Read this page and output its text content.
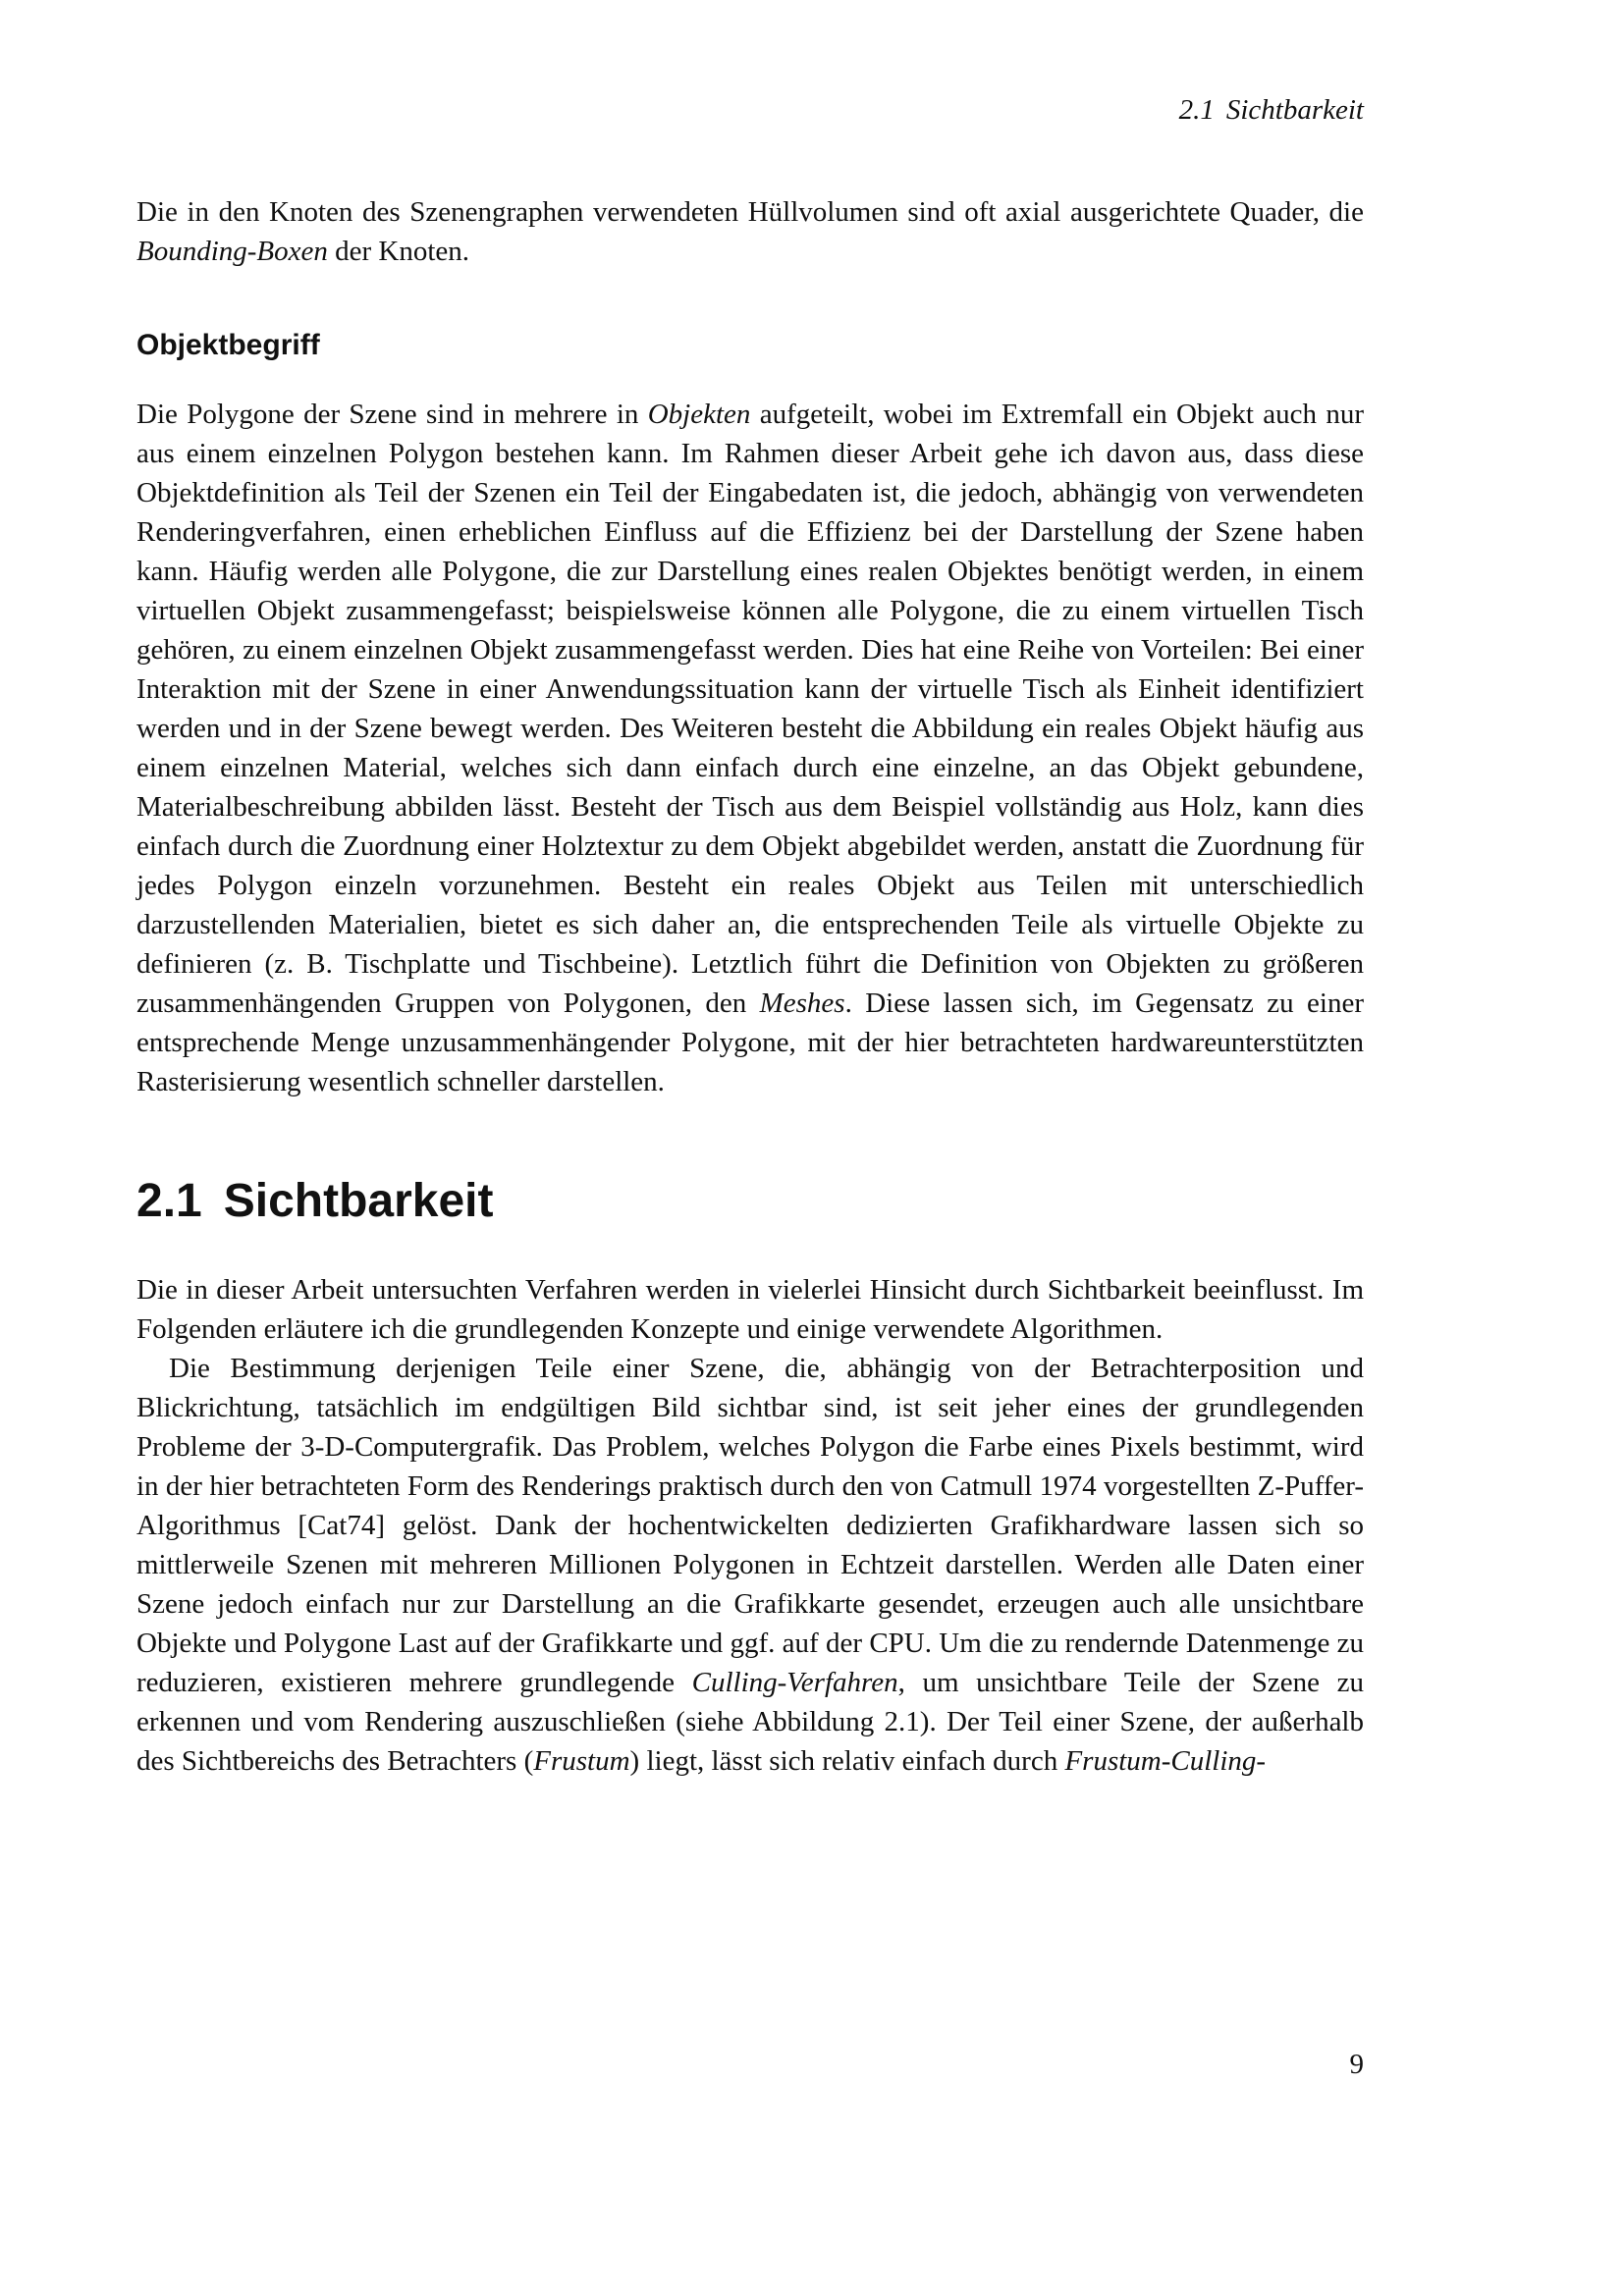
2.1 Sichtbarkeit

Die in den Knoten des Szenengraphen verwendeten Hüllvolumen sind oft axial ausgerichtete Quader, die Bounding-Boxen der Knoten.

Objektbegriff

Die Polygone der Szene sind in mehrere in Objekten aufgeteilt, wobei im Extremfall ein Objekt auch nur aus einem einzelnen Polygon bestehen kann. Im Rahmen dieser Arbeit gehe ich davon aus, dass diese Objektdefinition als Teil der Szenen ein Teil der Eingabedaten ist, die jedoch, abhängig von verwendeten Renderingverfahren, einen erheblichen Einfluss auf die Effizienz bei der Darstellung der Szene haben kann. Häufig werden alle Polygone, die zur Darstellung eines realen Objektes benötigt werden, in einem virtuellen Objekt zusammengefasst; beispielsweise können alle Polygone, die zu einem virtuellen Tisch gehören, zu einem einzelnen Objekt zusammengefasst werden. Dies hat eine Reihe von Vorteilen: Bei einer Interaktion mit der Szene in einer Anwendungssituation kann der virtuelle Tisch als Einheit identifiziert werden und in der Szene bewegt werden. Des Weiteren besteht die Abbildung ein reales Objekt häufig aus einem einzelnen Material, welches sich dann einfach durch eine einzelne, an das Objekt gebundene, Materialbeschreibung abbilden lässt. Besteht der Tisch aus dem Beispiel vollständig aus Holz, kann dies einfach durch die Zuordnung einer Holztextur zu dem Objekt abgebildet werden, anstatt die Zuordnung für jedes Polygon einzeln vorzunehmen. Besteht ein reales Objekt aus Teilen mit unterschiedlich darzustellenden Materialien, bietet es sich daher an, die entsprechenden Teile als virtuelle Objekte zu definieren (z. B. Tischplatte und Tischbeine). Letztlich führt die Definition von Objekten zu größeren zusammenhängenden Gruppen von Polygonen, den Meshes. Diese lassen sich, im Gegensatz zu einer entsprechende Menge unzusammenhängender Polygone, mit der hier betrachteten hardwareunterstützten Rasterisierung wesentlich schneller darstellen.

2.1 Sichtbarkeit

Die in dieser Arbeit untersuchten Verfahren werden in vielerlei Hinsicht durch Sichtbarkeit beeinflusst. Im Folgenden erläutere ich die grundlegenden Konzepte und einige verwendete Algorithmen.

Die Bestimmung derjenigen Teile einer Szene, die, abhängig von der Betrachterposition und Blickrichtung, tatsächlich im endgültigen Bild sichtbar sind, ist seit jeher eines der grundlegenden Probleme der 3-D-Computergrafik. Das Problem, welches Polygon die Farbe eines Pixels bestimmt, wird in der hier betrachteten Form des Renderings praktisch durch den von Catmull 1974 vorgestellten Z-Puffer-Algorithmus [Cat74] gelöst. Dank der hochentwickelten dedizierten Grafikhardware lassen sich so mittlerweile Szenen mit mehreren Millionen Polygonen in Echtzeit darstellen. Werden alle Daten einer Szene jedoch einfach nur zur Darstellung an die Grafikkarte gesendet, erzeugen auch alle unsichtbare Objekte und Polygone Last auf der Grafikkarte und ggf. auf der CPU. Um die zu rendernde Datenmenge zu reduzieren, existieren mehrere grundlegende Culling-Verfahren, um unsichtbare Teile der Szene zu erkennen und vom Rendering auszuschließen (siehe Abbildung 2.1). Der Teil einer Szene, der außerhalb des Sichtbereichs des Betrachters (Frustum) liegt, lässt sich relativ einfach durch Frustum-Culling-

9
